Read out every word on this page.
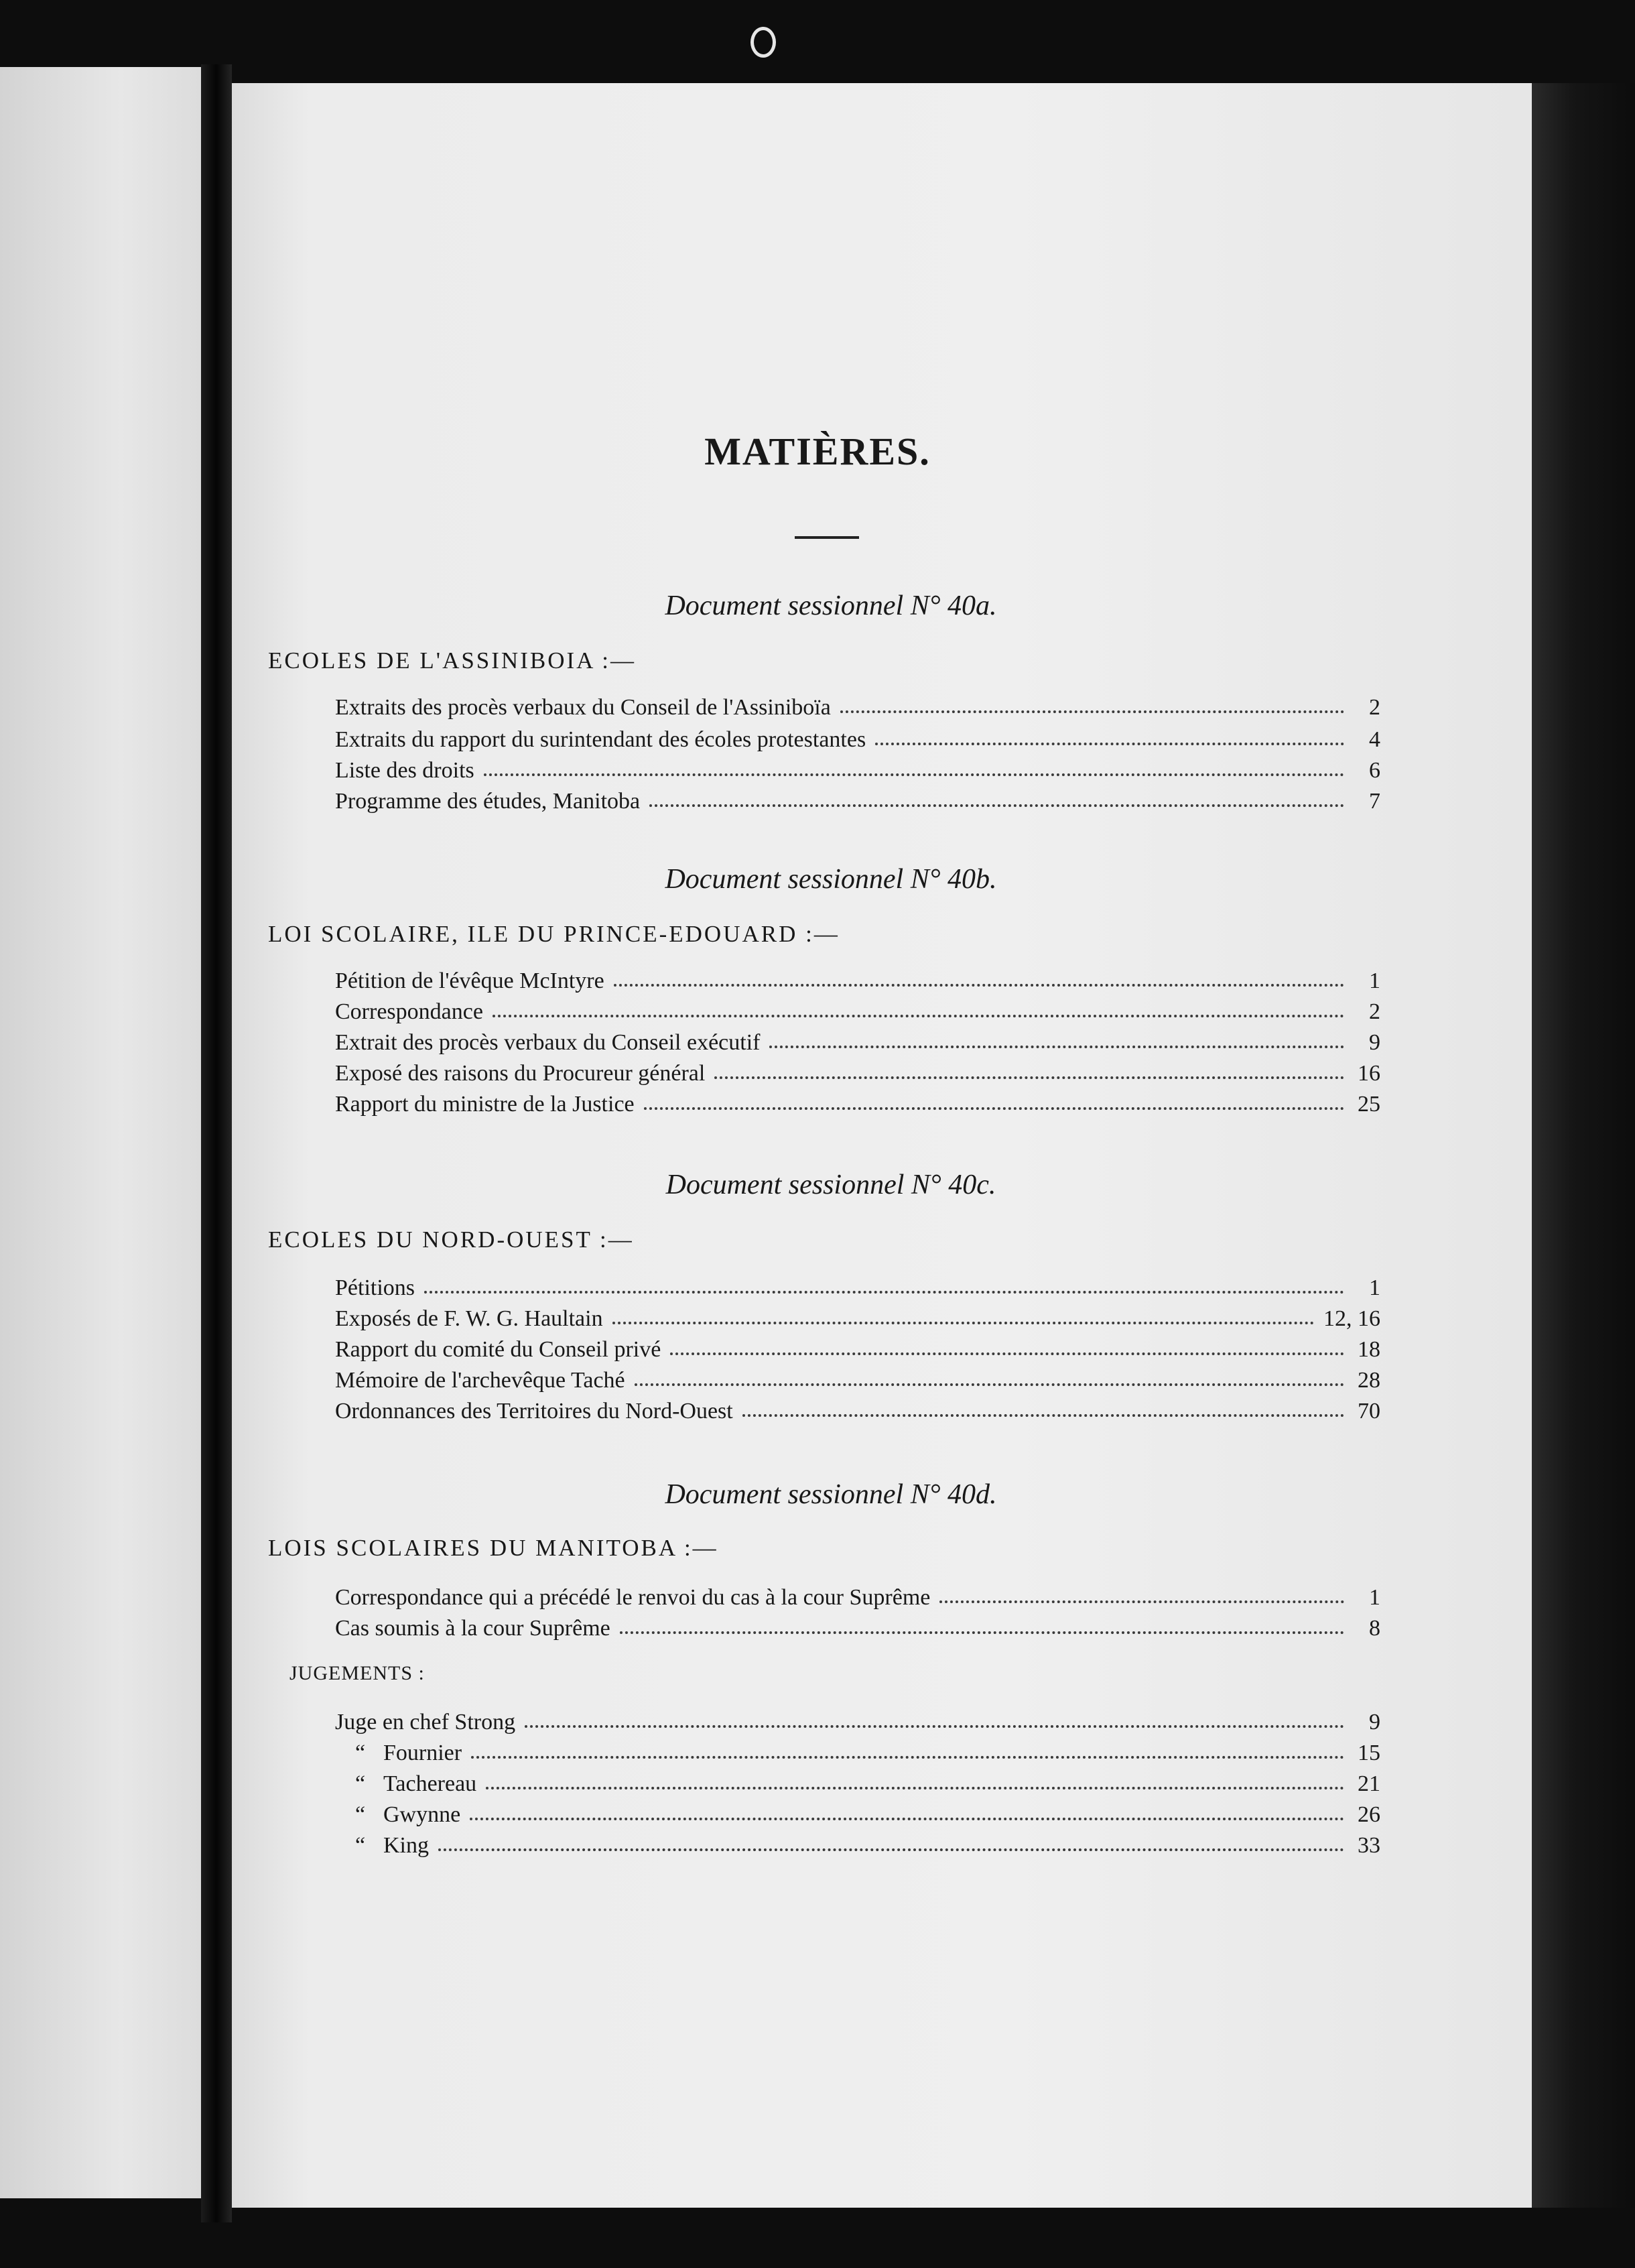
MATIÈRES.
Document sessionnel N° 40a.
ECOLES DE L'ASSINIBOIA :—
Extraits des procès verbaux du Conseil de l'Assiniboïa	2
Extraits du rapport du surintendant des écoles protestantes	4
Liste des droits	6
Programme des études, Manitoba	7
Document sessionnel N° 40b.
LOI SCOLAIRE, ILE DU PRINCE-EDOUARD :—
Pétition de l'évêque McIntyre	1
Correspondance	2
Extrait des procès verbaux du Conseil exécutif	9
Exposé des raisons du Procureur général	16
Rapport du ministre de la Justice	25
Document sessionnel N° 40c.
ECOLES DU NORD-OUEST :—
Pétitions	1
Exposés de F. W. G. Haultain	12, 16
Rapport du comité du Conseil privé	18
Mémoire de l'archevêque Taché	28
Ordonnances des Territoires du Nord-Ouest	70
Document sessionnel N° 40d.
LOIS SCOLAIRES DU MANITOBA :—
Correspondance qui a précédé le renvoi du cas à la cour Suprême	1
Cas soumis à la cour Suprême	8
JUGEMENTS :
Juge en chef Strong	9
“ Fournier	15
“ Tachereau	21
“ Gwynne	26
“ King	33
